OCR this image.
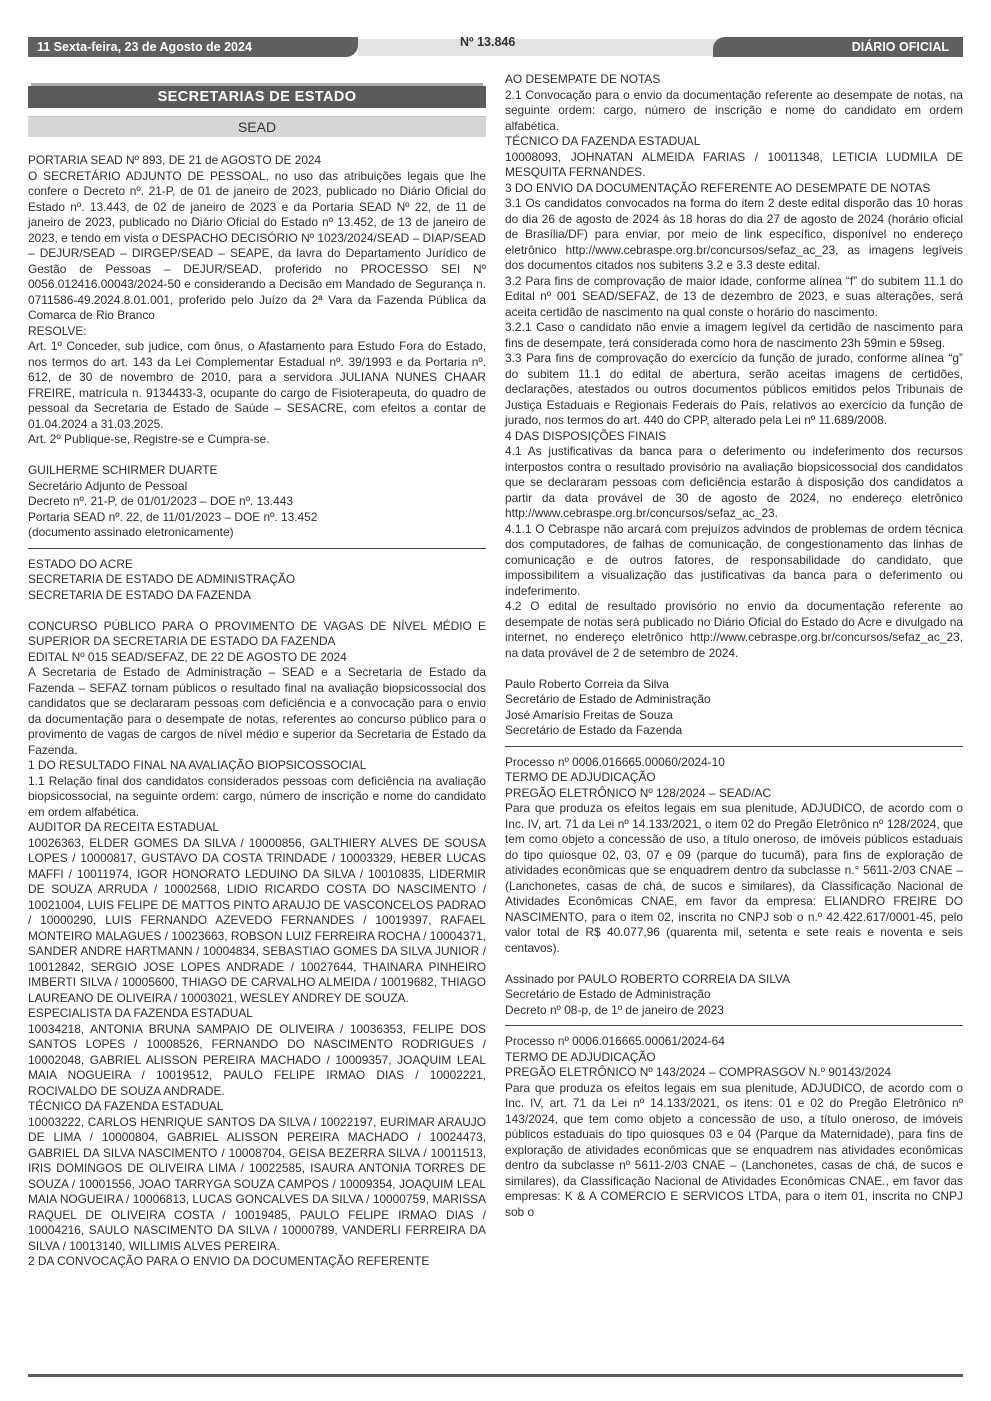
11 Sexta-feira, 23 de Agosto de 2024	Nº 13.846	DIÁRIO OFICIAL
SECRETARIAS DE ESTADO
SEAD

PORTARIA SEAD Nº 893, DE 21 de AGOSTO DE 2024

O SECRETÁRIO ADJUNTO DE PESSOAL, no uso das atribuições legais que lhe confere o Decreto nº. 21-P, de 01 de janeiro de 2023, publicado no Diário Oficial do Estado nº. 13.443, de 02 de janeiro de 2023 e da Portaria SEAD Nº 22, de 11 de janeiro de 2023, publicado no Diário Oficial do Estado nº 13.452, de 13 de janeiro de 2023, e tendo em vista o DESPACHO DECISÓRIO Nº 1023/2024/SEAD – DIAP/SEAD – DEJUR/SEAD – DIRGEP/SEAD – SEAPE, da lavra do Departamento Jurídico de Gestão de Pessoas – DEJUR/SEAD, proferido no PROCESSO SEI Nº 0056.012416.00043/2024-50 e considerando a Decisão em Mandado de Segurança n. 0711586-49.2024.8.01.001, proferido pelo Juízo da 2ª Vara da Fazenda Pública da Comarca de Rio Branco

RESOLVE:

Art. 1º Conceder, sub judice, com ônus, o Afastamento para Estudo Fora do Estado, nos termos do art. 143 da Lei Complementar Estadual nº. 39/1993 e da Portaria nº. 612, de 30 de novembro de 2010, para a servidora JULIANA NUNES CHAAR FREIRE, matrícula n. 9134433-3, ocupante do cargo de Fisioterapeuta, do quadro de pessoal da Secretaria de Estado de Saúde – SESACRE, com efeitos a contar de 01.04.2024 a 31.03.2025.

Art. 2º Publique-se, Registre-se e Cumpra-se.

GUILHERME SCHIRMER DUARTE

Secretário Adjunto de Pessoal

Decreto nº. 21-P, de 01/01/2023 – DOE nº. 13.443

Portaria SEAD nº. 22, de 11/01/2023 – DOE nº. 13.452

(documento assinado eletronicamente)

ESTADO DO ACRE

SECRETARIA DE ESTADO DE ADMINISTRAÇÃO

SECRETARIA DE ESTADO DA FAZENDA

CONCURSO PÚBLICO PARA O PROVIMENTO DE VAGAS DE NÍVEL MÉDIO E SUPERIOR DA SECRETARIA DE ESTADO DA FAZENDA

EDITAL Nº 015 SEAD/SEFAZ, DE 22 DE AGOSTO DE 2024

A Secretaria de Estado de Administração – SEAD e a Secretaria de Estado da Fazenda – SEFAZ tornam públicos o resultado final na avaliação biopsicossocial dos candidatos que se declararam pessoas com deficiência e a convocação para o envio da documentação para o desempate de notas, referentes ao concurso público para o provimento de vagas de cargos de nível médio e superior da Secretaria de Estado da Fazenda.

1 DO RESULTADO FINAL NA AVALIAÇÃO BIOPSICOSSOCIAL

1.1 Relação final dos candidatos considerados pessoas com deficiência na avaliação biopsicossocial, na seguinte ordem: cargo, número de inscrição e nome do candidato em ordem alfabética.

AUDITOR DA RECEITA ESTADUAL

10026363, ELDER GOMES DA SILVA / 10000856, GALTHIERY ALVES DE SOUSA LOPES / 10000817, GUSTAVO DA COSTA TRINDADE / 10003329, HEBER LUCAS MAFFI / 10011974, IGOR HONORATO LEDUINO DA SILVA / 10010835, LIDERMIR DE SOUZA ARRUDA / 10002568, LIDIO RICARDO COSTA DO NASCIMENTO / 10021004, LUIS FELIPE DE MATTOS PINTO ARAUJO DE VASCONCELOS PADRAO / 10000290, LUIS FERNANDO AZEVEDO FERNANDES / 10019397, RAFAEL MONTEIRO MALAGUES / 10023663, ROBSON LUIZ FERREIRA ROCHA / 10004371, SANDER ANDRE HARTMANN / 10004834, SEBASTIAO GOMES DA SILVA JUNIOR / 10012842, SERGIO JOSE LOPES ANDRADE / 10027644, THAINARA PINHEIRO IMBERTI SILVA / 10005600, THIAGO DE CARVALHO ALMEIDA / 10019682, THIAGO LAUREANO DE OLIVEIRA / 10003021, WESLEY ANDREY DE SOUZA.

ESPECIALISTA DA FAZENDA ESTADUAL

10034218, ANTONIA BRUNA SAMPAIO DE OLIVEIRA / 10036353, FELIPE DOS SANTOS LOPES / 10008526, FERNANDO DO NASCIMENTO RODRIGUES / 10002048, GABRIEL ALISSON PEREIRA MACHADO / 10009357, JOAQUIM LEAL MAIA NOGUEIRA / 10019512, PAULO FELIPE IRMAO DIAS / 10002221, ROCIVALDO DE SOUZA ANDRADE.

TÉCNICO DA FAZENDA ESTADUAL

10003222, CARLOS HENRIQUE SANTOS DA SILVA / 10022197, EURIMAR ARAUJO DE LIMA / 10000804, GABRIEL ALISSON PEREIRA MACHADO / 10024473, GABRIEL DA SILVA NASCIMENTO / 10008704, GEISA BEZERRA SILVA / 10011513, IRIS DOMINGOS DE OLIVEIRA LIMA / 10022585, ISAURA ANTONIA TORRES DE SOUZA / 10001556, JOAO TARRYGA SOUZA CAMPOS / 10009354, JOAQUIM LEAL MAIA NOGUEIRA / 10006813, LUCAS GONCALVES DA SILVA / 10000759, MARISSA RAQUEL DE OLIVEIRA COSTA / 10019485, PAULO FELIPE IRMAO DIAS / 10004216, SAULO NASCIMENTO DA SILVA / 10000789, VANDERLI FERREIRA DA SILVA / 10013140, WILLIMIS ALVES PEREIRA.

2 DA CONVOCAÇÃO PARA O ENVIO DA DOCUMENTAÇÃO REFERENTE

AO DESEMPATE DE NOTAS

2.1 Convocação para o envio da documentação referente ao desempate de notas, na seguinte ordem: cargo, número de inscrição e nome do candidato em ordem alfabética.

TÉCNICO DA FAZENDA ESTADUAL

10008093, JOHNATAN ALMEIDA FARIAS / 10011348, LETICIA LUDMILA DE MESQUITA FERNANDES.

3 DO ENVIO DA DOCUMENTAÇÃO REFERENTE AO DESEMPATE DE NOTAS

3.1 Os candidatos convocados na forma do item 2 deste edital disporão das 10 horas do dia 26 de agosto de 2024 às 18 horas do dia 27 de agosto de 2024 (horário oficial de Brasília/DF) para enviar, por meio de link específico, disponível no endereço eletrônico http://www.cebraspe.org.br/concursos/sefaz_ac_23, as imagens legíveis dos documentos citados nos subitens 3.2 e 3.3 deste edital.

3.2 Para fins de comprovação de maior idade, conforme alínea “f” do subitem 11.1 do Edital nº 001 SEAD/SEFAZ, de 13 de dezembro de 2023, e suas alterações, será aceita certidão de nascimento na qual conste o horário do nascimento.

3.2.1 Caso o candidato não envie a imagem legível da certidão de nascimento para fins de desempate, terá considerada como hora de nascimento 23h 59min e 59seg.

3.3 Para fins de comprovação do exercício da função de jurado, conforme alínea “g” do subitem 11.1 do edital de abertura, serão aceitas imagens de certidões, declarações, atestados ou outros documentos públicos emitidos pelos Tribunais de Justiça Estaduais e Regionais Federais do País, relativos ao exercício da função de jurado, nos termos do art. 440 do CPP, alterado pela Lei nº 11.689/2008.

4 DAS DISPOSIÇÕES FINAIS

4.1 As justificativas da banca para o deferimento ou indeferimento dos recursos interpostos contra o resultado provisório na avaliação biopsicossocial dos candidatos que se declararam pessoas com deficiência estarão à disposição dos candidatos a partir da data provável de 30 de agosto de 2024, no endereço eletrônico http://www.cebraspe.org.br/concursos/sefaz_ac_23.

4.1.1 O Cebraspe não arcará com prejuízos advindos de problemas de ordem técnica dos computadores, de falhas de comunicação, de congestionamento das linhas de comunicação e de outros fatores, de responsabilidade do candidato, que impossibilitem a visualização das justificativas da banca para o deferimento ou indeferimento.

4.2 O edital de resultado provisório no envio da documentação referente ao desempate de notas será publicado no Diário Oficial do Estado do Acre e divulgado na internet, no endereço eletrônico http://www.cebraspe.org.br/concursos/sefaz_ac_23, na data provável de 2 de setembro de 2024.

Paulo Roberto Correia da Silva

Secretário de Estado de Administração

José Amarísio Freitas de Souza

Secretário de Estado da Fazenda

Processo nº 0006.016665.00060/2024-10

TERMO DE ADJUDICAÇÃO

PREGÃO ELETRÔNICO Nº 128/2024 – SEAD/AC

Para que produza os efeitos legais em sua plenitude, ADJUDICO, de acordo com o Inc. IV, art. 71 da Lei nº 14.133/2021, o item 02 do Pregão Eletrônico nº 128/2024, que tem como objeto a concessão de uso, a título oneroso, de imóveis públicos estaduais do tipo quiosque 02, 03, 07 e 09 (parque do tucumã), para fins de exploração de atividades econômicas que se enquadrem dentro da subclasse n.° 5611-2/03 CNAE – (Lanchonetes, casas de chá, de sucos e similares), da Classificação Nacional de Atividades Econômicas CNAE, em favor da empresa: ELIANDRO FREIRE DO NASCIMENTO, para o item 02, inscrita no CNPJ sob o n.º 42.422.617/0001-45, pelo valor total de R$ 40.077,96 (quarenta mil, setenta e sete reais e noventa e seis centavos).

Assinado por PAULO ROBERTO CORREIA DA SILVA

Secretário de Estado de Administração

Decreto nº 08-p, de 1º de janeiro de 2023

Processo nº 0006.016665.00061/2024-64

TERMO DE ADJUDICAÇÃO

PREGÃO ELETRÔNICO Nº 143/2024 – COMPRASGOV N.º 90143/2024

Para que produza os efeitos legais em sua plenitude, ADJUDICO, de acordo com o Inc. IV, art. 71 da Lei nº 14.133/2021, os itens: 01 e 02 do Pregão Eletrônico nº 143/2024, que tem como objeto a concessão de uso, a título oneroso, de imóveis públicos estaduais do tipo quiosques 03 e 04 (Parque da Maternidade), para fins de exploração de atividades econômicas que se enquadrem nas atividades econômicas dentro da subclasse nº 5611-2/03 CNAE – (Lanchonetes, casas de chá, de sucos e similares), da Classificação Nacional de Atividades Econômicas CNAE., em favor das empresas: K & A COMERCIO E SERVICOS LTDA, para o item 01, inscrita no CNPJ sob o
